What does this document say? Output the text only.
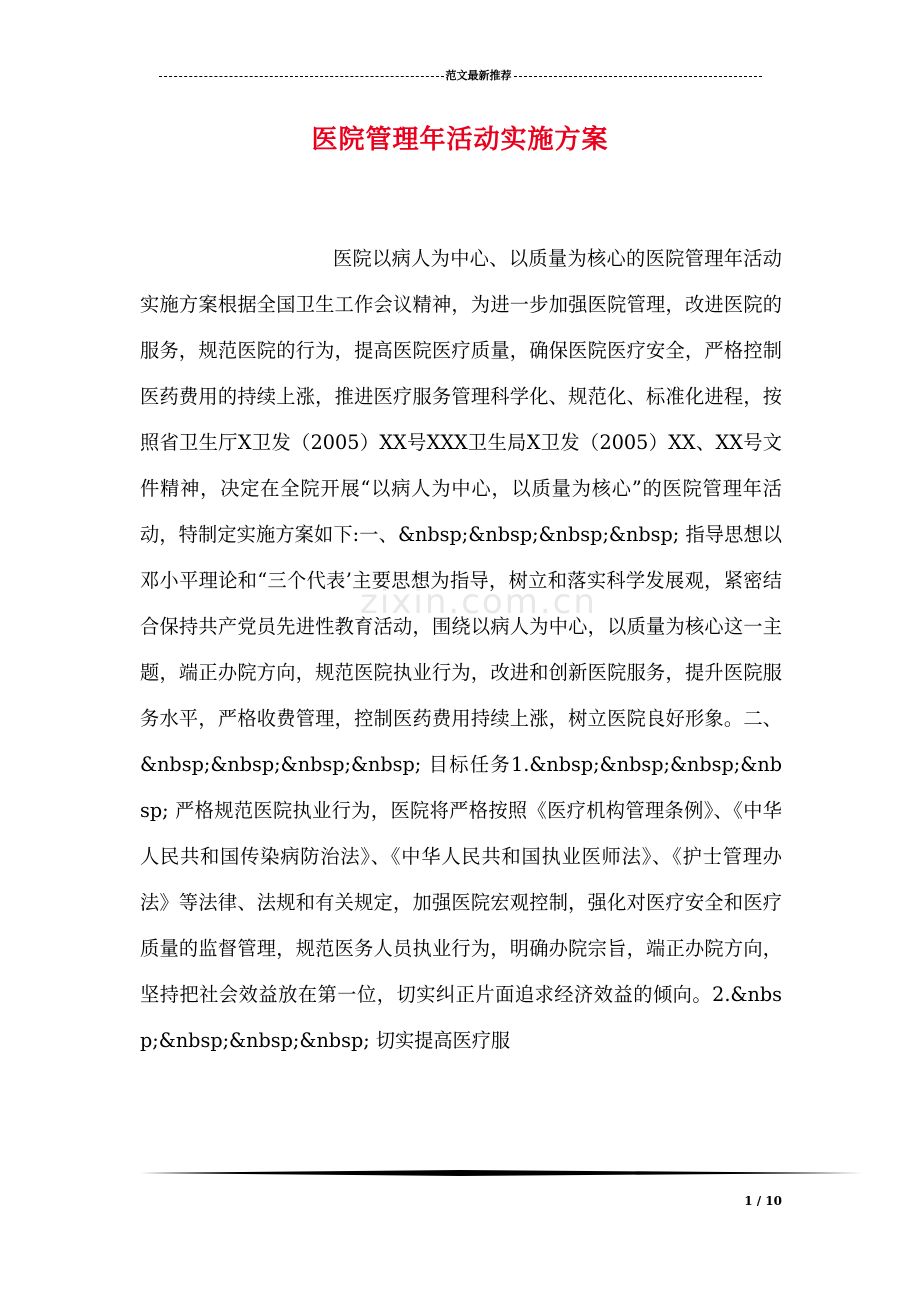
范文最新推荐
医院管理年活动实施方案
zixin.com.cn
医院以病人为中心、以质量为核心的医院管理年活动实施方案根据全国卫生工作会议精神，为进一步加强医院管理，改进医院的服务，规范医院的行为，提高医院医疗质量，确保医院医疗安全，严格控制医药费用的持续上涨，推进医疗服务管理科学化、规范化、标准化进程，按照省卫生厅X卫发（2005）XX号XXX卫生局X卫发（2005）XX、XX号文件精神，决定在全院开展“以病人为中心，以质量为核心”的医院管理年活动，特制定实施方案如下:一、&nbsp;&nbsp;&nbsp;&nbsp; 指导思想以邓小平理论和“三个代表’主要思想为指导，树立和落实科学发展观，紧密结合保持共产党员先进性教育活动，围绕以病人为中心，以质量为核心这一主题，端正办院方向，规范医院执业行为，改进和创新医院服务，提升医院服务水平，严格收费管理，控制医药费用持续上涨，树立医院良好形象。二、&nbsp;&nbsp;&nbsp;&nbsp; 目标任务1.&nbsp;&nbsp;&nbsp;&nbsp; 严格规范医院执业行为，医院将严格按照《医疗机构管理条例》、《中华人民共和国传染病防治法》、《中华人民共和国执业医师法》、《护士管理办法》等法律、法规和有关规定，加强医院宏观控制，强化对医疗安全和医疗质量的监督管理，规范医务人员执业行为，明确办院宗旨，端正办院方向，坚持把社会效益放在第一位，切实纠正片面追求经济效益的倾向。2.&nbsp;&nbsp;&nbsp;&nbsp; 切实提高医疗服
1 / 10
